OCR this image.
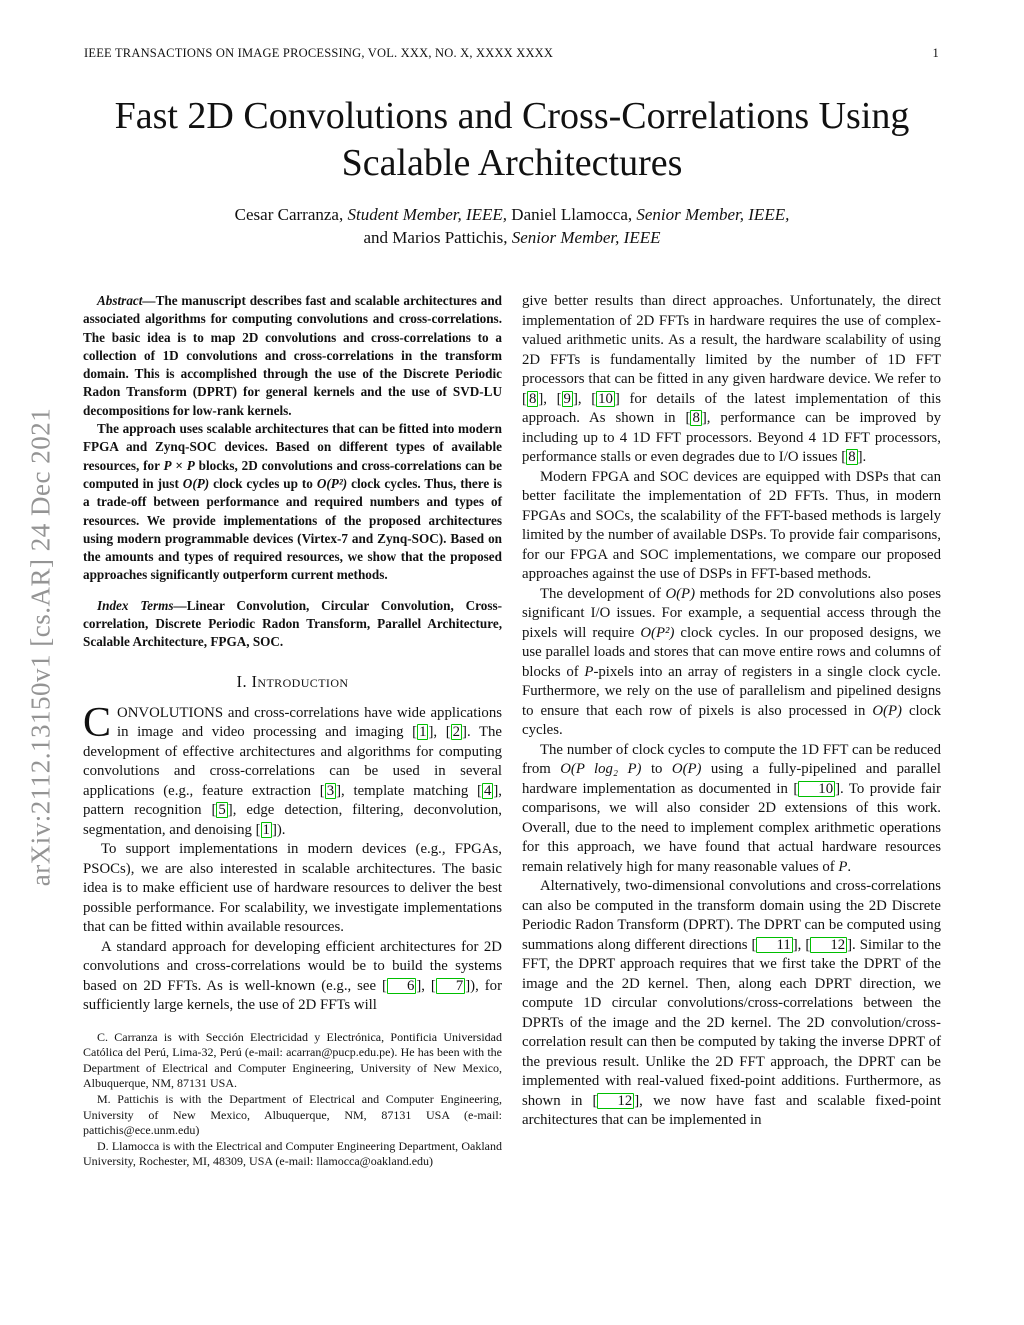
arXiv:2112.13150v1 [cs.AR] 24 Dec 2021
IEEE TRANSACTIONS ON IMAGE PROCESSING, VOL. XXX, NO. X, XXXX XXXX	1
Fast 2D Convolutions and Cross-Correlations Using
Scalable Architectures
Cesar Carranza, Student Member, IEEE, Daniel Llamocca, Senior Member, IEEE,
and Marios Pattichis, Senior Member, IEEE

Abstract—The manuscript describes fast and scalable architectures and associated algorithms for computing convolutions and cross-correlations. The basic idea is to map 2D convolutions and cross-correlations to a collection of 1D convolutions and cross-correlations in the transform domain. This is accomplished through the use of the Discrete Periodic Radon Transform (DPRT) for general kernels and the use of SVD-LU decompositions for low-rank kernels.

The approach uses scalable architectures that can be fitted into modern FPGA and Zynq-SOC devices. Based on different types of available resources, for P × P blocks, 2D convolutions and cross-correlations can be computed in just O(P) clock cycles up to O(P²) clock cycles. Thus, there is a trade-off between performance and required numbers and types of resources. We provide implementations of the proposed architectures using modern programmable devices (Virtex-7 and Zynq-SOC). Based on the amounts and types of required resources, we show that the proposed approaches significantly outperform current methods.

Index Terms—Linear Convolution, Circular Convolution, Cross-correlation, Discrete Periodic Radon Transform, Parallel Architecture, Scalable Architecture, FPGA, SOC.

I. Introduction

CONVOLUTIONS and cross-correlations have wide applications in image and video processing and imaging [ 1 ], [ 2 ]. The development of effective architectures and algorithms for computing convolutions and cross-correlations can be used in several applications (e.g., feature extraction [ 3 ], template matching [ 4 ], pattern recognition [ 5 ], edge detection, filtering, deconvolution, segmentation, and denoising [ 1 ]).

To support implementations in modern devices (e.g., FPGAs, PSOCs), we are also interested in scalable architectures. The basic idea is to make efficient use of hardware resources to deliver the best possible performance. For scalability, we investigate implementations that can be fitted within available resources.

A standard approach for developing efficient architectures for 2D convolutions and cross-correlations would be to build the systems based on 2D FFTs. As is well-known (e.g., see [ 6 ], [ 7 ]), for sufficiently large kernels, the use of 2D FFTs will

C. Carranza is with Sección Electricidad y Electrónica, Pontificia Universidad Católica del Perú, Lima-32, Perú (e-mail: acarran@pucp.edu.pe). He has been with the Department of Electrical and Computer Engineering, University of New Mexico, Albuquerque, NM, 87131 USA.

M. Pattichis is with the Department of Electrical and Computer Engineering, University of New Mexico, Albuquerque, NM, 87131 USA (e-mail: pattichis@ece.unm.edu)

D. Llamocca is with the Electrical and Computer Engineering Department, Oakland University, Rochester, MI, 48309, USA (e-mail: llamocca@oakland.edu)

give better results than direct approaches. Unfortunately, the direct implementation of 2D FFTs in hardware requires the use of complex-valued arithmetic units. As a result, the hardware scalability of using 2D FFTs is fundamentally limited by the number of 1D FFT processors that can be fitted in any given hardware device. We refer to [ 8 ], [ 9 ], [ 10 ] for details of the latest implementation of this approach. As shown in [ 8 ], performance can be improved by including up to 4 1D FFT processors. Beyond 4 1D FFT processors, performance stalls or even degrades due to I/O issues [ 8 ].

Modern FPGA and SOC devices are equipped with DSPs that can better facilitate the implementation of 2D FFTs. Thus, in modern FPGAs and SOCs, the scalability of the FFT-based methods is largely limited by the number of available DSPs. To provide fair comparisons, for our FPGA and SOC implementations, we compare our proposed approaches against the use of DSPs in FFT-based methods.

The development of O(P) methods for 2D convolutions also poses significant I/O issues. For example, a sequential access through the pixels will require O(P²) clock cycles. In our proposed designs, we use parallel loads and stores that can move entire rows and columns of blocks of P-pixels into an array of registers in a single clock cycle. Furthermore, we rely on the use of parallelism and pipelined designs to ensure that each row of pixels is also processed in O(P) clock cycles.

The number of clock cycles to compute the 1D FFT can be reduced from O(P log₂ P) to O(P) using a fully-pipelined and parallel hardware implementation as documented in [ 10 ]. To provide fair comparisons, we will also consider 2D extensions of this work. Overall, due to the need to implement complex arithmetic operations for this approach, we have found that actual hardware resources remain relatively high for many reasonable values of P.

Alternatively, two-dimensional convolutions and cross-correlations can also be computed in the transform domain using the 2D Discrete Periodic Radon Transform (DPRT). The DPRT can be computed using summations along different directions [ 11 ], [ 12 ]. Similar to the FFT, the DPRT approach requires that we first take the DPRT of the image and the 2D kernel. Then, along each DPRT direction, we compute 1D circular convolutions/cross-correlations between the DPRTs of the image and the 2D kernel. The 2D convolution/cross-correlation result can then be computed by taking the inverse DPRT of the previous result. Unlike the 2D FFT approach, the DPRT can be implemented with real-valued fixed-point additions. Furthermore, as shown in [ 12 ], we now have fast and scalable fixed-point architectures that can be implemented in
